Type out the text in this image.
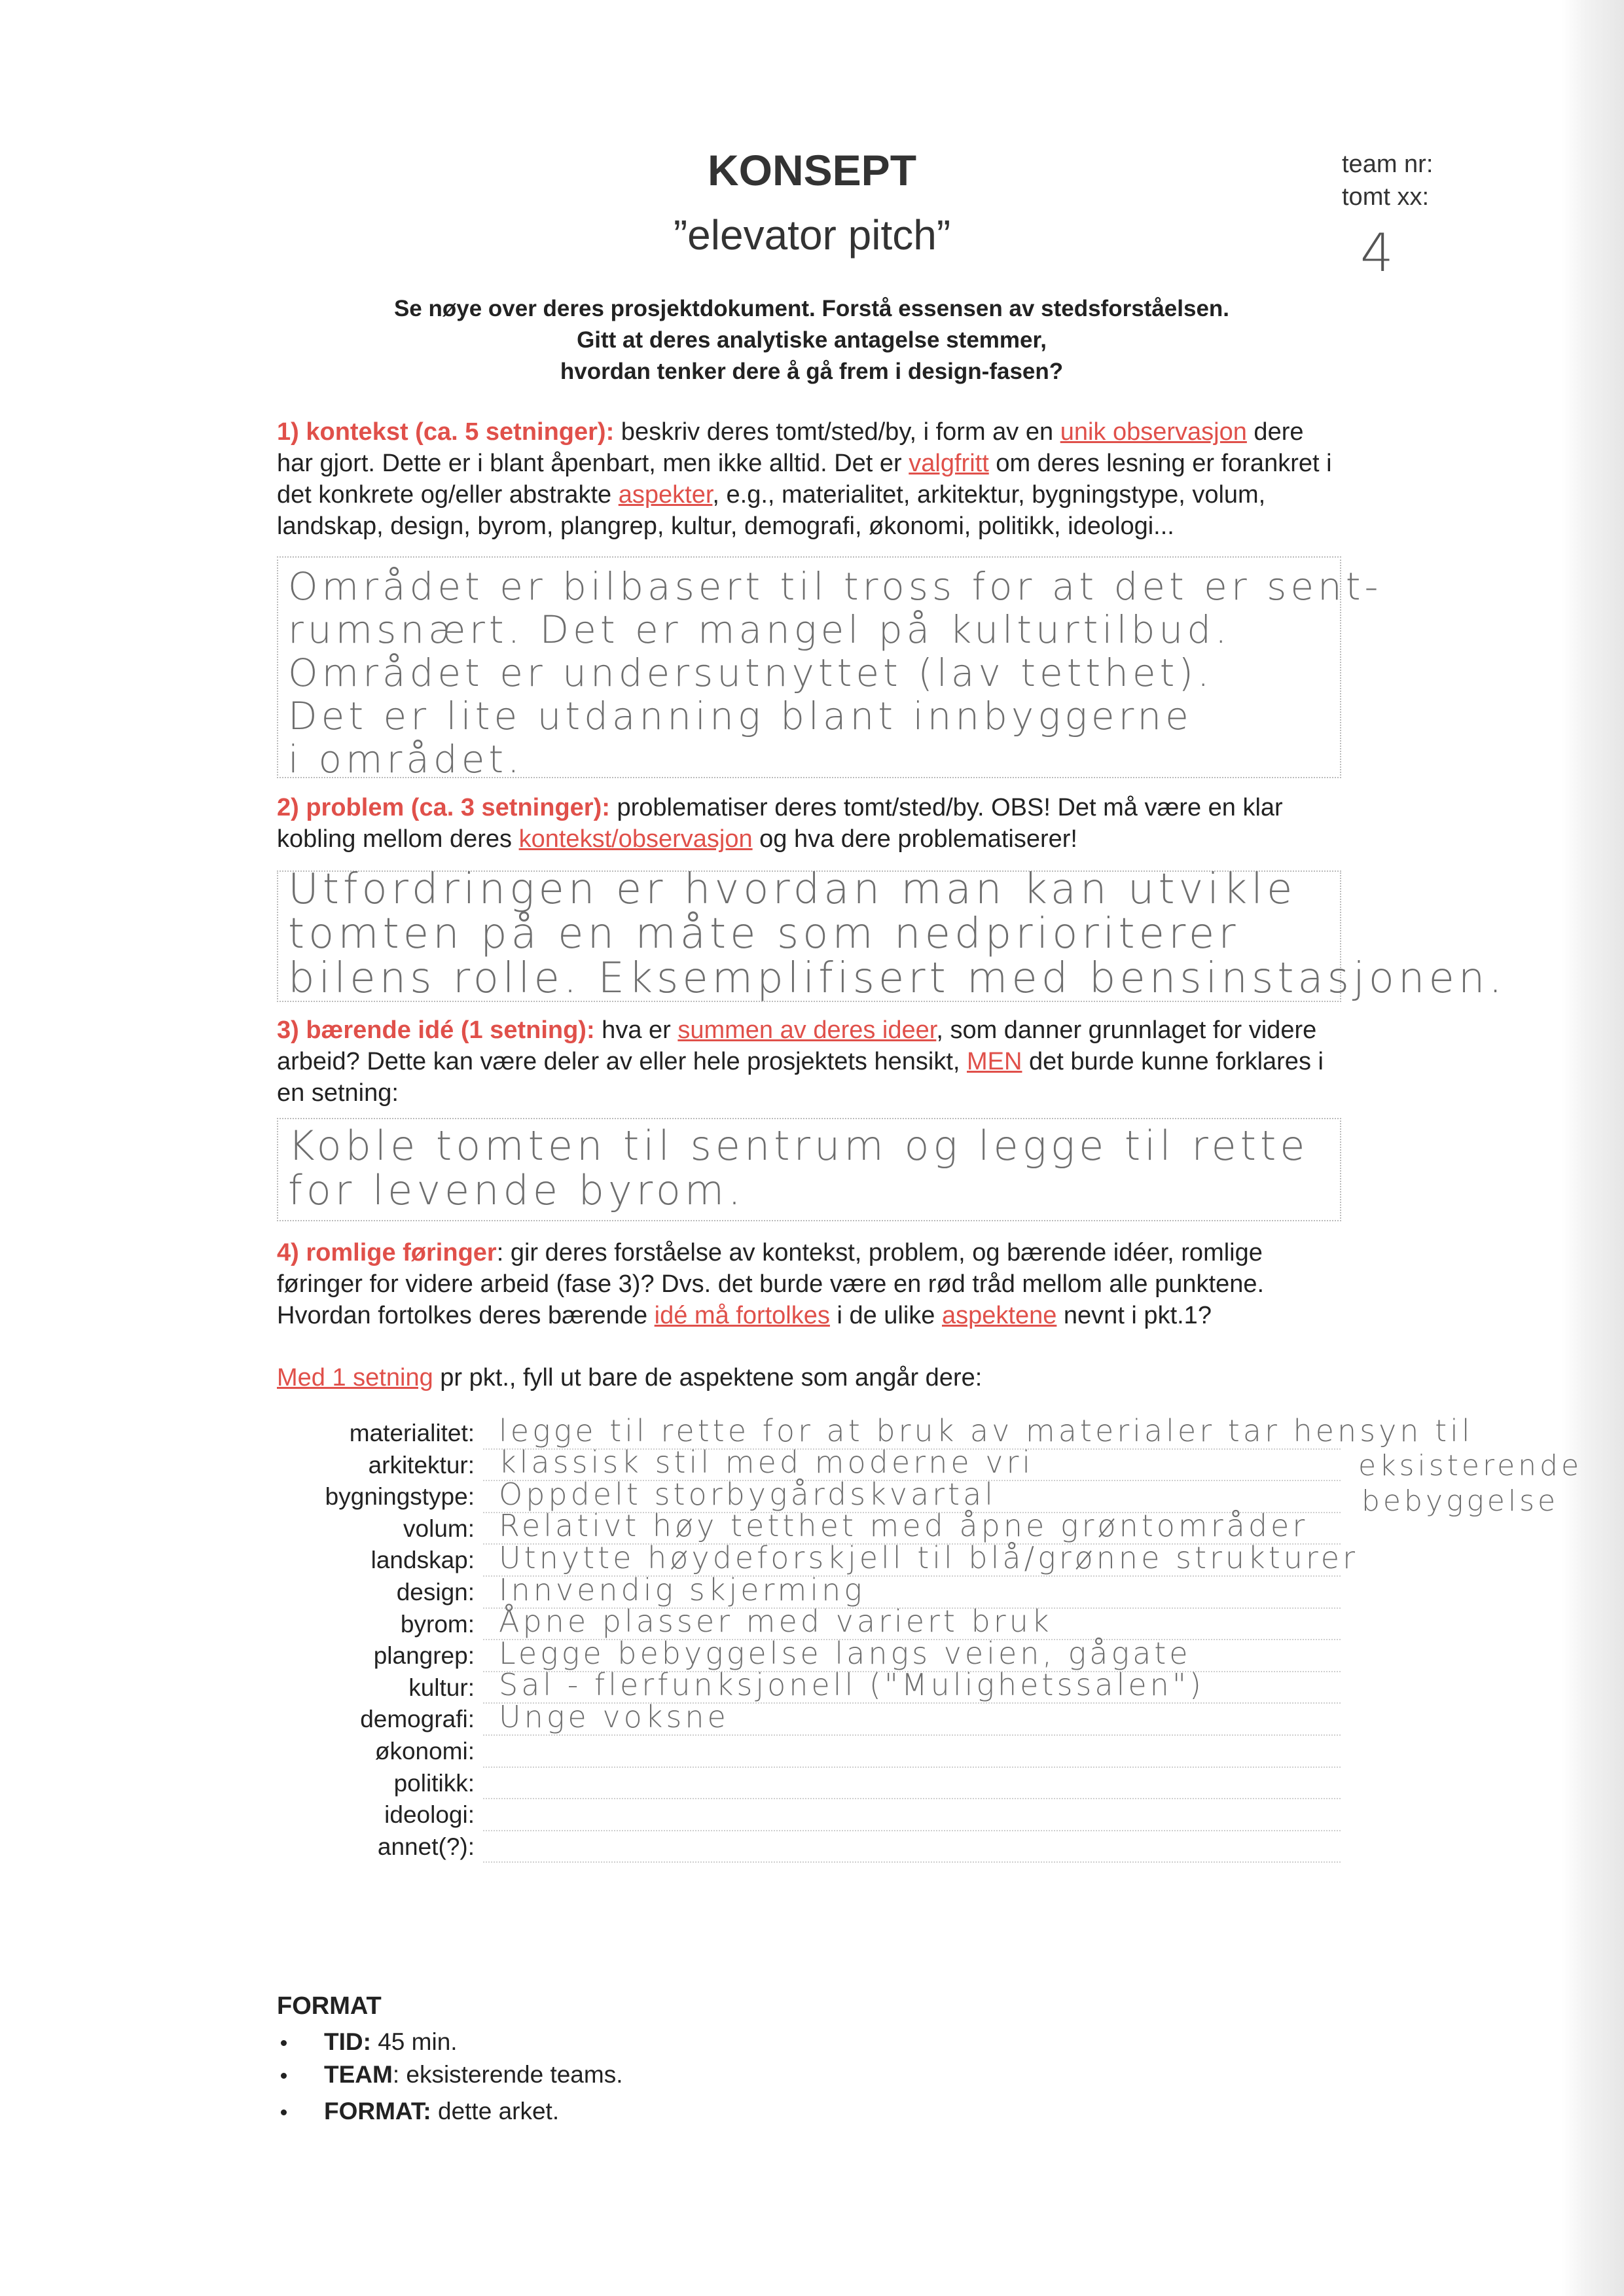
KONSEPT
”elevator pitch”
team nr:
tomt xx:
4
Se nøye over deres prosjektdokument. Forstå essensen av stedsforståelsen.
Gitt at deres analytiske antagelse stemmer,
hvordan tenker dere å gå frem i design-fasen?
1) kontekst (ca. 5 setninger): beskriv deres tomt/sted/by, i form av en unik observasjon dere har gjort. Dette er i blant åpenbart, men ikke alltid. Det er valgfritt om deres lesning er forankret i det konkrete og/eller abstrakte aspekter, e.g., materialitet, arkitektur, bygningstype, volum, landskap, design, byrom, plangrep, kultur, demografi, økonomi, politikk, ideologi...
Området er bilbasert til tross for at det er sent-
rumsnært. Det er mangel på kulturtilbud.
Området er undersutnyttet (lav tetthet).
Det er lite utdanning blant innbyggerne
i området.
2) problem (ca. 3 setninger): problematiser deres tomt/sted/by. OBS! Det må være en klar kobling mellom deres kontekst/observasjon og hva dere problematiserer!
Utfordringen er hvordan man kan utvikle
tomten på en måte som nedprioriterer
bilens rolle. Eksemplifisert med bensinstasjonen.
3) bærende idé (1 setning): hva er summen av deres ideer, som danner grunnlaget for videre arbeid? Dette kan være deler av eller hele prosjektets hensikt, MEN det burde kunne forklares i en setning:
Koble tomten til sentrum og legge til rette
for levende byrom.
4) romlige føringer: gir deres forståelse av kontekst, problem, og bærende idéer, romlige føringer for videre arbeid (fase 3)? Dvs. det burde være en rød tråd mellom alle punktene. Hvordan fortolkes deres bærende idé må fortolkes i de ulike aspektene nevnt i pkt.1?
Med 1 setning pr pkt., fyll ut bare de aspektene som angår dere:
materialitet:
arkitektur:
bygningstype:
volum:
landskap:
design:
byrom:
plangrep:
kultur:
demografi:
økonomi:
politikk:
ideologi:
annet(?):
legge til rette for at bruk av materialer tar hensyn til
klassisk stil med moderne vri
Oppdelt storbygårdskvartal
Relativt høy tetthet med åpne grøntområder
Utnytte høydeforskjell til blå/grønne strukturer
Innvendig skjerming
Åpne plasser med variert bruk
Legge bebyggelse langs veien, gågate
Sal - flerfunksjonell ("Mulighetssalen")
Unge voksne
eksisterende
bebyggelse
FORMAT
TID: 45 min.
TEAM: eksisterende teams.
FORMAT: dette arket.
